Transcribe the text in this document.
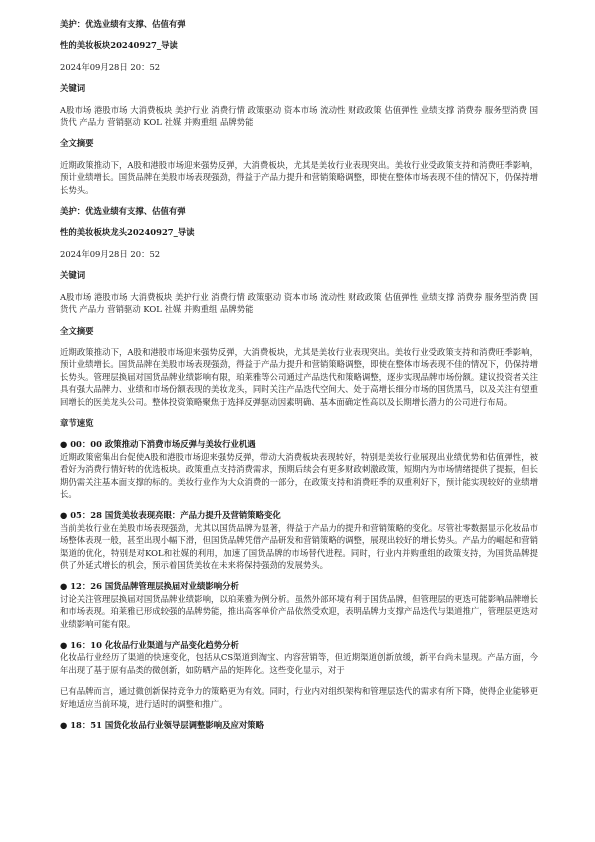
美护：优选业绩有支撑、估值有弹

性的美妆板块20240927_导读

2024年09月28日 20：52

关键词

A股市场 港股市场 大消费板块 美护行业 消费行情 政策驱动 资本市场 流动性 财政政策 估值弹性 业绩支撑 消费券 服务型消费 国货代 产品力 营销驱动 KOL 社媒 并购重组 品牌势能

全文摘要

近期政策推动下，A股和港股市场迎来强势反弹，大消费板块，尤其是美妆行业表现突出。美妆行业受政策支持和消费旺季影响，预计业绩增长。国货品牌在美股市场表现强劲，得益于产品力提升和营销策略调整，即使在整体市场表现不佳的情况下，仍保持增长势头。

美护：优选业绩有支撑、估值有弹

性的美妆板块龙头20240927_导读

2024年09月28日 20：52

关键词

A股市场 港股市场 大消费板块 美护行业 消费行情 政策驱动 资本市场 流动性 财政政策 估值弹性 业绩支撑 消费券 服务型消费 国货代 产品力 营销驱动 KOL 社媒 并购重组 品牌势能

全文摘要

近期政策推动下，A股和港股市场迎来强势反弹，大消费板块，尤其是美妆行业表现突出。美妆行业受政策支持和消费旺季影响，预计业绩增长。国货品牌在美股市场表现强劲，得益于产品力提升和营销策略调整，即使在整体市场表现不佳的情况下，仍保持增长势头。管理层换届对国货品牌业绩影响有限，珀莱雅等公司通过产品迭代和策略调整，逐步实现品牌市场份额。建议投资者关注具有强大品牌力、业绩和市场份额表现的美妆龙头，同时关注产品迭代空间大、处于高增长细分市场的国货黑马，以及关注有望重回增长的医美龙头公司。整体投资策略聚焦于选择反弹驱动因素明确、基本面确定性高以及长期增长潜力的公司进行布局。

章节速览

● 00：00 政策推动下消费市场反弹与美妆行业机遇

近期政策密集出台促使A股和港股市场迎来强势反弹，带动大消费板块表现转好，特别是美妆行业展现出业绩优势和估值弹性，被看好为消费行情好转的优选板块。政策重点支持消费需求，预期后续会有更多财政刺激政策，短期内为市场情绪提供了提振，但长期仍需关注基本面支撑的标的。美妆行业作为大众消费的一部分，在政策支持和消费旺季的双重利好下，预计能实现较好的业绩增长。

● 05：28 国货美妆表现亮眼：产品力提升及营销策略变化

当前美妆行业在美股市场表现强劲，尤其以国货品牌为显著，得益于产品力的提升和营销策略的变化。尽管社零数据显示化妆品市场整体表现一般，甚至出现小幅下滑，但国货品牌凭借产品研发和营销策略的调整，展现出较好的增长势头。产品力的崛起和营销渠道的优化，特别是对KOL和社媒的利用，加速了国货品牌的市场替代进程。同时，行业内并购重组的政策支持，为国货品牌提供了外延式增长的机会，预示着国货美妆在未来将保持强劲的发展势头。

● 12：26 国货品牌管理层换届对业绩影响分析

讨论关注管理层换届对国货品牌业绩影响，以珀莱雅为例分析。虽然外部环境有利于国货品牌，但管理层的更迭可能影响品牌增长和市场表现。珀莱雅已形成较强的品牌势能，推出高客单价产品依然受欢迎，表明品牌力支撑产品迭代与渠道推广，管理层更迭对业绩影响可能有限。

● 16：10 化妆品行业渠道与产品变化趋势分析

化妆品行业经历了渠道的快速变化，包括从CS渠道到淘宝、内容营销等，但近期渠道创新放缓，新平台尚未显现。产品方面，今年出现了基于原有品类的微创新，如防晒产品的矩阵化。这些变化显示，对于

已有品牌而言，通过微创新保持竞争力的策略更为有效。同时，行业内对组织架构和管理层迭代的需求有所下降，使得企业能够更好地适应当前环境，进行适时的调整和推广。

● 18：51 国货化妆品行业领导层调整影响及应对策略
